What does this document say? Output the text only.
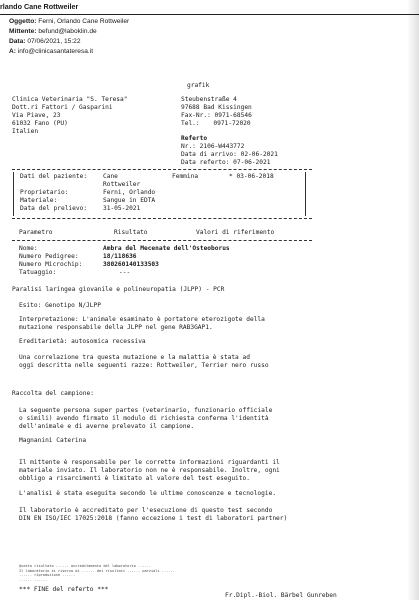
rlando Cane Rottweiler
Oggetto: Ferni, Orlando Cane Rottweiler
Mittente: befund@laboklin.de
Data: 07/06/2021, 15:22
A: info@clinicasantateresa.it
grafik
Clinica Veterinaria "S. Teresa"
Dott.ri Fattori / Gasparini
Via Piave, 23
61032 Fano (PU)
Italien
Steubenstraße 4
97688 Bad Kissingen
Fax-Nr.: 0971-68546
Tel.: 0971-72020
Referto
Nr.: 2106-W443772
Data di arrivo: 02-06-2021
Data referto: 07-06-2021
Dati del paziente:	Cane	Femmina	* 03-06-2018
Rottweiler
Proprietario:	Ferni, Orlando
Materiale:	Sangue in EDTA
Data del prelievo:	31-05-2021
Parametro	Risultato	Valori di riferimento
Nome:	Ambra del Mecenate dell'Osteoborus
Numero Pedigree:	18/118636
Numero Microchip:	380260140133503
Tatuaggio:	---
Paralisi laringea giovanile e polineuropatia (JLPP) - PCR
Esito: Genotipo N/JLPP
Interpretazione: L'animale esaminato è portatore eterozigote della
mutazione responsabile della JLPP nel gene RAB3GAP1.
Ereditarietà: autosomica recessiva
Una correlazione tra questa mutazione e la malattia è stata ad
oggi descritta nelle seguenti razze: Rottweiler, Terrier nero russo
Raccolta del campione:
La seguente persona super partes (veterinario, funzionario officiale
o simili) avendo firmato il modulo di richiesta conferma l'identità
dell'animale e di averne prelevato il campione.
Magnanini Caterina
Il mittente è responsabile per le corrette informazioni riguardanti il
materiale inviato. Il laboratorio non ne è responsabile. Inoltre, ogni
obbligo a risarcimenti è limitato al valore del test eseguito.
L'analisi è stata eseguita secondo le ultime conoscenze e tecnologie.
Il laboratorio è accreditato per l'esecuzione di questo test secondo
DIN EN ISO/IEC 17025:2018 (fanno eccezione i test di laboratori partner)
Questo risultato ...... accreditamento del laboratorio ......
Il laboratorio si riserva di ...... dei risultati ...... parziali ......
...... riproduzione ......
...... ......
*** FINE del referto ***
Fr.Dipl.-Biol. Bärbel Gunreben
